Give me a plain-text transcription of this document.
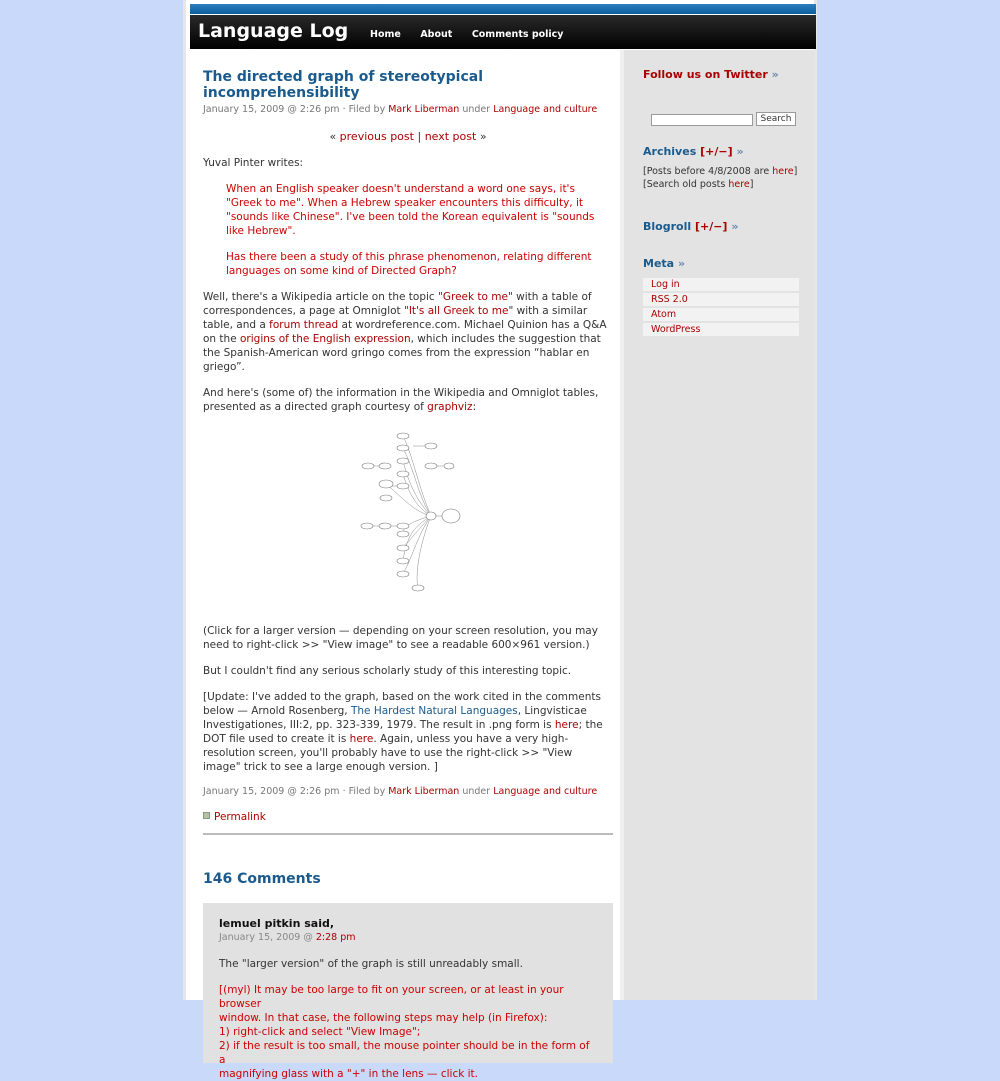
Language Log Home About Comments policy
The directed graph of stereotypical incomprehensibility
January 15, 2009 @ 2:26 pm · Filed by Mark Liberman under Language and culture
« previous post | next post »

Yuval Pinter writes:

When an English speaker doesn't understand a word one says, it's "Greek to me". When a Hebrew speaker encounters this difficulty, it "sounds like Chinese". I've been told the Korean equivalent is "sounds like Hebrew".

Has there been a study of this phrase phenomenon, relating different languages on some kind of Directed Graph?

Well, there's a Wikipedia article on the topic "Greek to me" with a table of correspondences, a page at Omniglot "It's all Greek to me" with a similar table, and a forum thread at wordreference.com. Michael Quinion has a Q&A on the origins of the English expression, which includes the suggestion that the Spanish-American word gringo comes from the expression “hablar en griego”.

And here's (some of) the information in the Wikipedia and Omniglot tables, presented as a directed graph courtesy of graphviz:

(Click for a larger version — depending on your screen resolution, you may need to right-click >> "View image" to see a readable 600×961 version.)

But I couldn't find any serious scholarly study of this interesting topic.

[Update: I've added to the graph, based on the work cited in the comments below — Arnold Rosenberg, The Hardest Natural Languages, Lingvisticae Investigationes, III:2, pp. 323-339, 1979. The result in .png form is here; the DOT file used to create it is here. Again, unless you have a very high-resolution screen, you'll probably have to use the right-click >> "View image" trick to see a large enough version. ]

January 15, 2009 @ 2:26 pm · Filed by Mark Liberman under Language and culture
Permalink
146 Comments
lemuel pitkin said,
January 15, 2009 @ 2:28 pm
The "larger version" of the graph is still unreadably small.
[(myl) It may be too large to fit on your screen, or at least in your browser
window. In that case, the following steps may help (in Firefox):
1) right-click and select "View Image";
2) if the result is too small, the mouse pointer should be in the form of a
magnifying glass with a "+" in the lens — click it.
Follow us on Twitter »
Search
Archives [+/−] »
[Posts before 4/8/2008 are here]
[Search old posts here]
Blogroll [+/−] »
Meta »
Log in
RSS 2.0
Atom
WordPress
